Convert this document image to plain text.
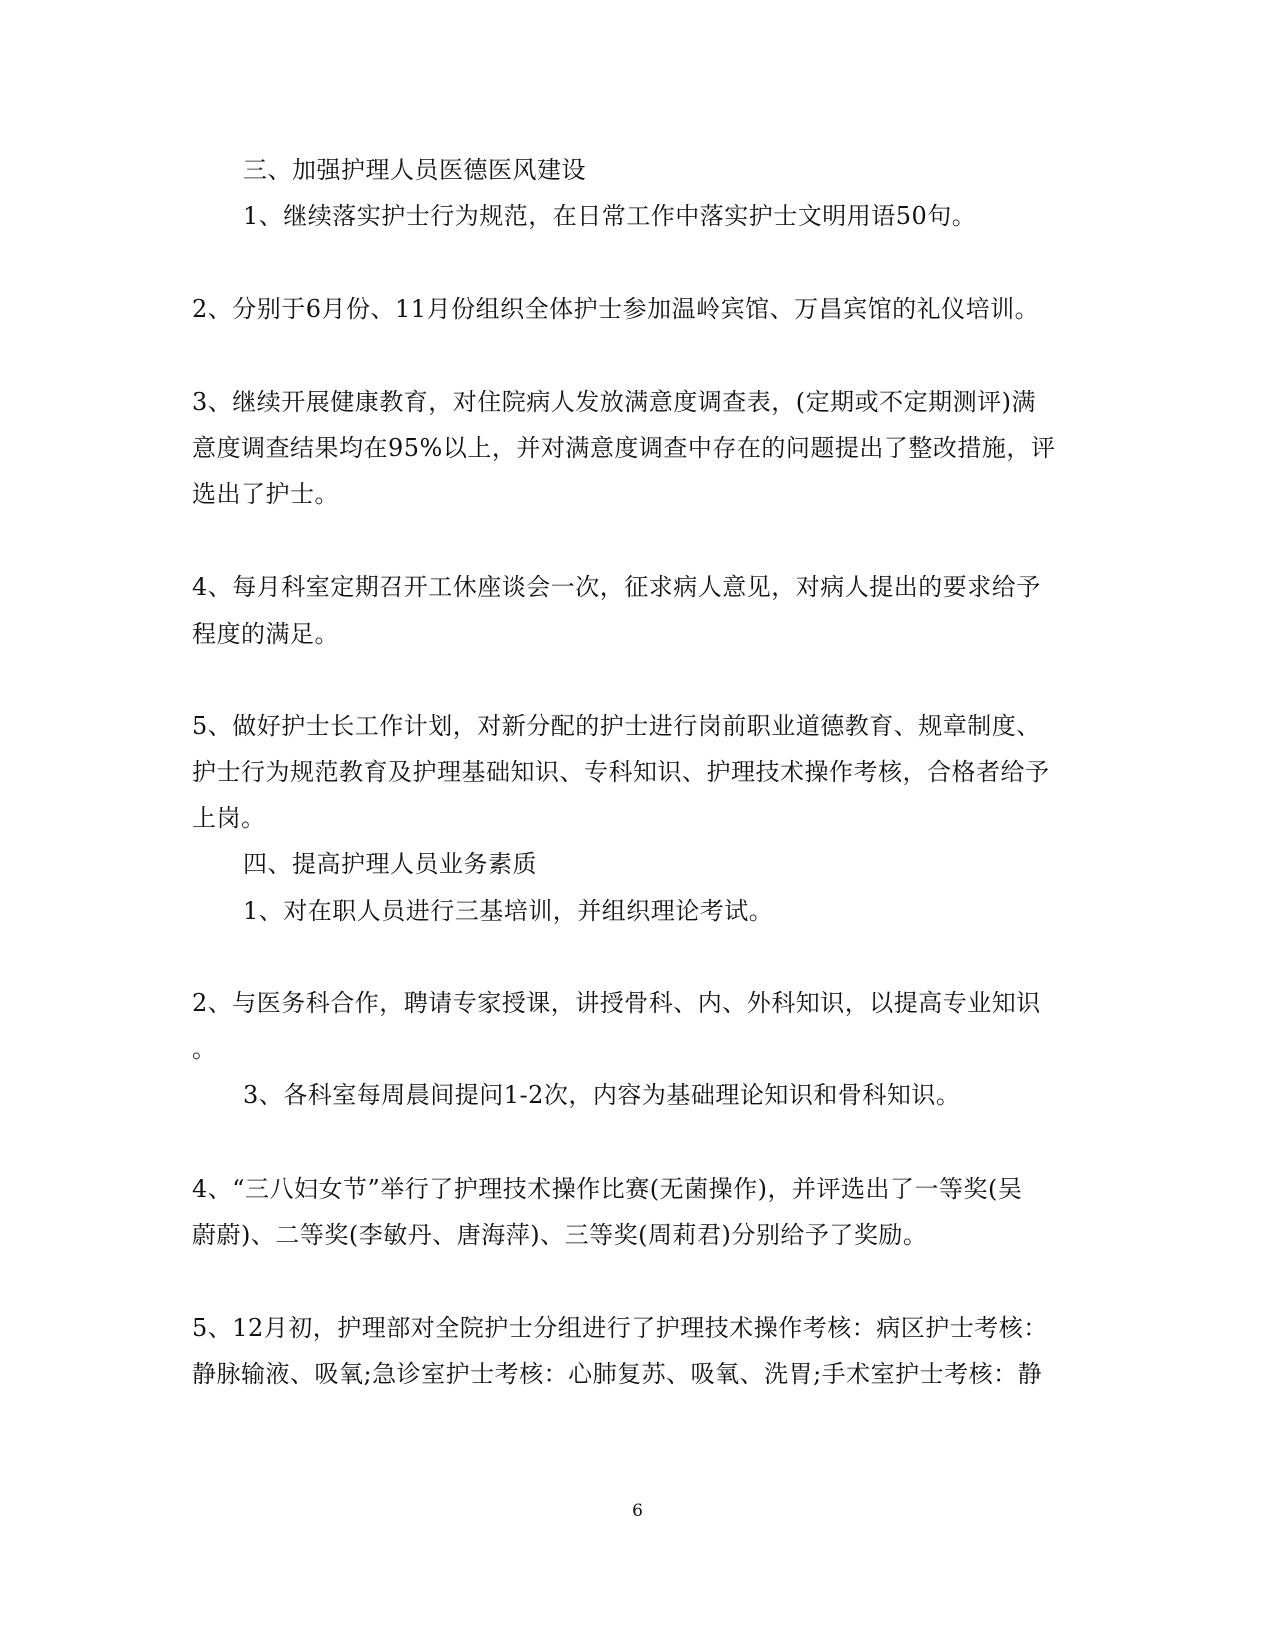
三、加强护理人员医德医风建设
1、继续落实护士行为规范，在日常工作中落实护士文明用语50句。
2、分别于6月份、11月份组织全体护士参加温岭宾馆、万昌宾馆的礼仪培训。
3、继续开展健康教育，对住院病人发放满意度调查表，(定期或不定期测评)满
意度调查结果均在95%以上，并对满意度调查中存在的问题提出了整改措施，评
选出了护士。
4、每月科室定期召开工休座谈会一次，征求病人意见，对病人提出的要求给予
程度的满足。
5、做好护士长工作计划，对新分配的护士进行岗前职业道德教育、规章制度、
护士行为规范教育及护理基础知识、专科知识、护理技术操作考核，合格者给予
上岗。
四、提高护理人员业务素质
1、对在职人员进行三基培训，并组织理论考试。
2、与医务科合作，聘请专家授课，讲授骨科、内、外科知识，以提高专业知识
。
3、各科室每周晨间提问1-2次，内容为基础理论知识和骨科知识。
4、“三八妇女节”举行了护理技术操作比赛(无菌操作)，并评选出了一等奖(吴
蔚蔚)、二等奖(李敏丹、唐海萍)、三等奖(周莉君)分别给予了奖励。
5、12月初，护理部对全院护士分组进行了护理技术操作考核：病区护士考核：
静脉输液、吸氧;急诊室护士考核：心肺复苏、吸氧、洗胃;手术室护士考核：静
6
